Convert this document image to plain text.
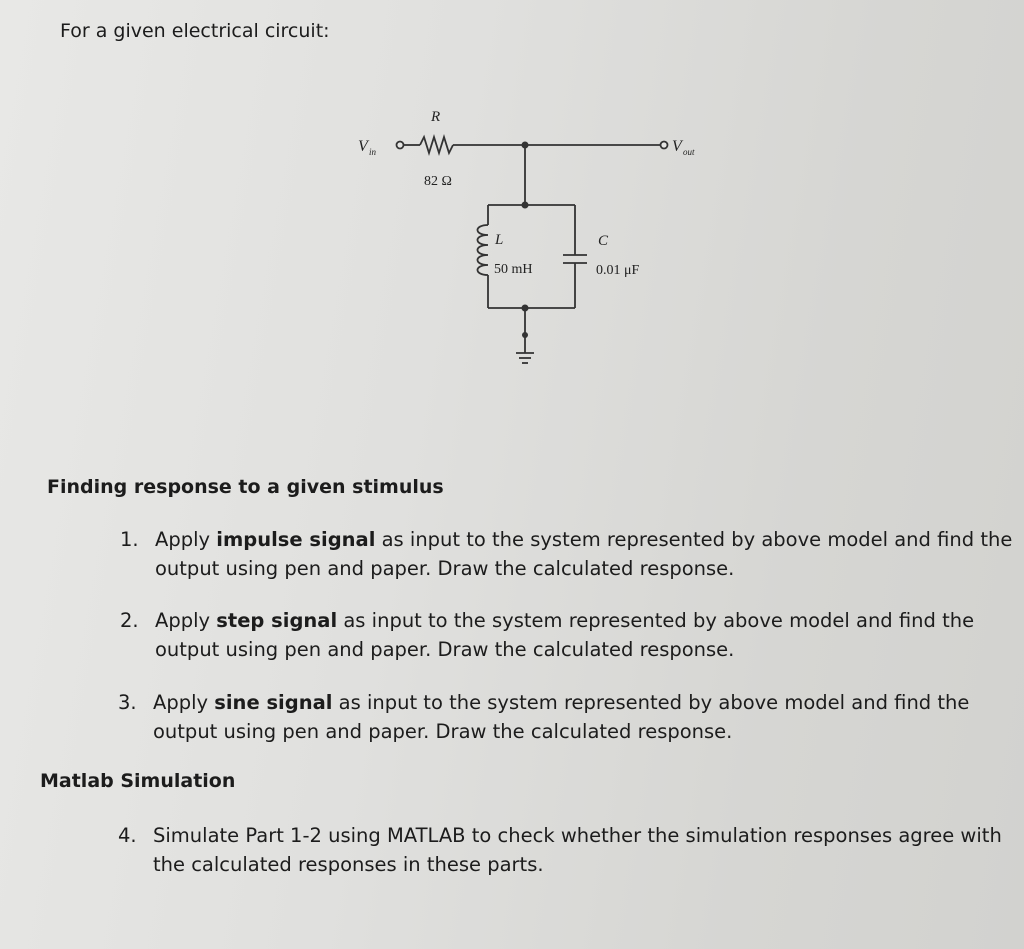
For a given electrical circuit:
V in	V out
R
82 Ω
L
50 mH
C
0.01 μF
Finding response to a given stimulus
1. Apply impulse signal as input to the system represented by above model and find the output using pen and paper. Draw the calculated response.
2. Apply step signal as input to the system represented by above model and find the output using pen and paper. Draw the calculated response.
3. Apply sine signal as input to the system represented by above model and find the output using pen and paper. Draw the calculated response.
Matlab Simulation
4. Simulate Part 1-2 using MATLAB to check whether the simulation responses agree with the calculated responses in these parts.
